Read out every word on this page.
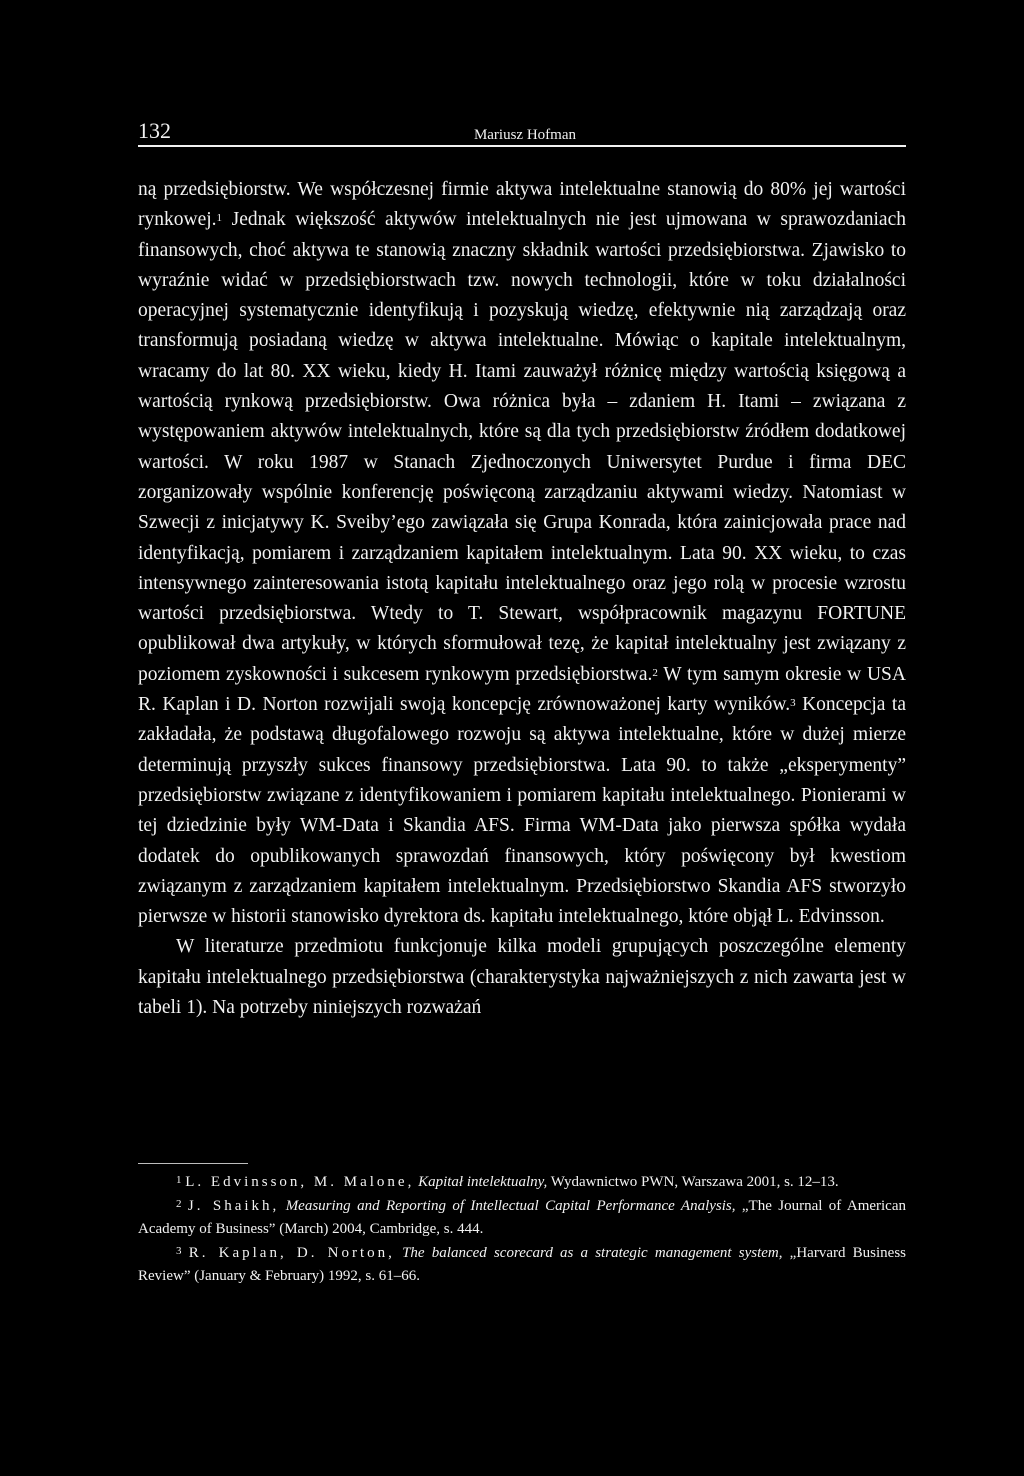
132	Mariusz Hofman

ną przedsiębiorstw. We współczesnej firmie aktywa intelektualne stanowią do 80% jej wartości rynkowej.$^1$ Jednak większość aktywów intelektualnych nie jest ujmowana w sprawozdaniach finansowych, choć aktywa te stanowią znaczny składnik wartości przedsiębiorstwa. Zjawisko to wyraźnie widać w przedsiębiorstwach tzw. nowych technologii, które w toku działalności operacyjnej systematycznie identyfikują i pozyskują wiedzę, efektywnie nią zarządzają oraz transformują posiadaną wiedzę w aktywa intelektualne. Mówiąc o kapitale intelektualnym, wracamy do lat 80. XX wieku, kiedy H. Itami zauważył różnicę między wartością księgową a wartością rynkową przedsiębiorstw. Owa różnica była – zdaniem H. Itami – związana z występowaniem aktywów intelektualnych, które są dla tych przedsiębiorstw źródłem dodatkowej wartości. W roku 1987 w Stanach Zjednoczonych Uniwersytet Purdue i firma DEC zorganizowały wspólnie konferencję poświęconą zarządzaniu aktywami wiedzy. Natomiast w Szwecji z inicjatywy K. Sveiby’ego zawiązała się Grupa Konrada, która zainicjowała prace nad identyfikacją, pomiarem i zarządzaniem kapitałem intelektualnym. Lata 90. XX wieku, to czas intensywnego zainteresowania istotą kapitału intelektualnego oraz jego rolą w procesie wzrostu wartości przedsiębiorstwa. Wtedy to T. Stewart, współpracownik magazynu FORTUNE opublikował dwa artykuły, w których sformułował tezę, że kapitał intelektualny jest związany z poziomem zyskowności i sukcesem rynkowym przedsiębiorstwa.$^2$ W tym samym okresie w USA R. Kaplan i D. Norton rozwijali swoją koncepcję zrównoważonej karty wyników.$^3$ Koncepcja ta zakładała, że podstawą długofalowego rozwoju są aktywa intelektualne, które w dużej mierze determinują przyszły sukces finansowy przedsiębiorstwa. Lata 90. to także „eksperymenty” przedsiębiorstw związane z identyfikowaniem i pomiarem kapitału intelektualnego. Pionierami w tej dziedzinie były WM-Data i Skandia AFS. Firma WM-Data jako pierwsza spółka wydała dodatek do opublikowanych sprawozdań finansowych, który poświęcony był kwestiom związanym z zarządzaniem kapitałem intelektualnym. Przedsiębiorstwo Skandia AFS stworzyło pierwsze w historii stanowisko dyrektora ds. kapitału intelektualnego, które objął L. Edvinsson.

W literaturze przedmiotu funkcjonuje kilka modeli grupujących poszczególne elementy kapitału intelektualnego przedsiębiorstwa (charakterystyka najważniejszych z nich zawarta jest w tabeli 1). Na potrzeby niniejszych rozważań

$^1$ L. Edvinsson, M. Malone, Kapitał intelektualny, Wydawnictwo PWN, Warszawa 2001, s. 12–13.

$^2$ J. Shaikh, Measuring and Reporting of Intellectual Capital Performance Analysis, „The Journal of American Academy of Business” (March) 2004, Cambridge, s. 444.

$^3$ R. Kaplan, D. Norton, The balanced scorecard as a strategic management system, „Harvard Business Review” (January & February) 1992, s. 61–66.
